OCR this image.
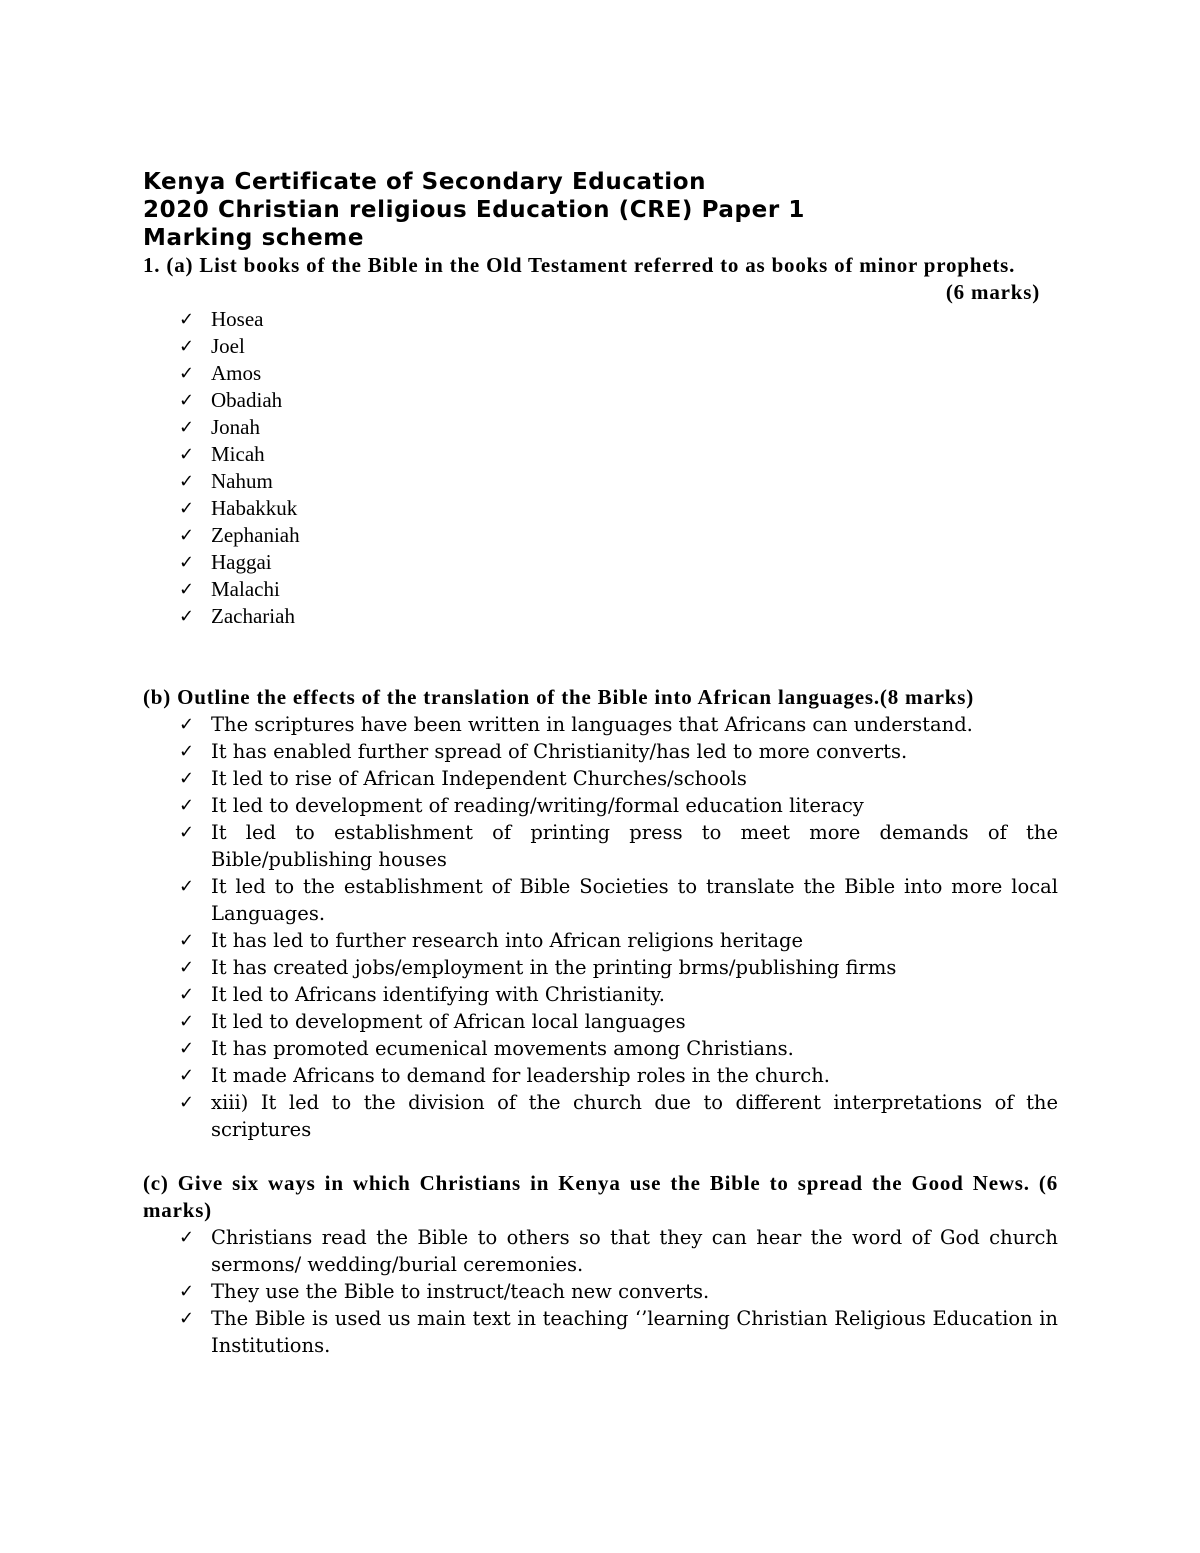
Kenya Certificate of Secondary Education
2020 Christian religious Education (CRE) Paper 1
Marking scheme
1. (a) List books of the Bible in the Old Testament referred to as books of minor prophets.
(6 marks)
✓ Hosea
✓ Joel
✓ Amos
✓ Obadiah
✓ Jonah
✓ Micah
✓ Nahum
✓ Habakkuk
✓ Zephaniah
✓ Haggai
✓ Malachi
✓ Zachariah
(b) Outline the effects of the translation of the Bible into African languages.(8 marks)
✓ The scriptures have been written in languages that Africans can understand.
✓ It has enabled further spread of Christianity/has led to more converts.
✓ It led to rise of African Independent Churches/schools
✓ It led to development of reading/writing/formal education literacy
✓ It led to establishment of printing press to meet more demands of the Bible/publishing houses
✓ It led to the establishment of Bible Societies to translate the Bible into more local Languages.
✓ It has led to further research into African religions heritage
✓ It has created jobs/employment in the printing brms/publishing firms
✓ It led to Africans identifying with Christianity.
✓ It led to development of African local languages
✓ It has promoted ecumenical movements among Christians.
✓ It made Africans to demand for leadership roles in the church.
✓ xiii) It led to the division of the church due to different interpretations of the scriptures
(c) Give six ways in which Christians in Kenya use the Bible to spread the Good News. (6 marks)
✓ Christians read the Bible to others so that they can hear the word of God church sermons/ wedding/burial ceremonies.
✓ They use the Bible to instruct/teach new converts.
✓ The Bible is used us main text in teaching ‘’learning Christian Religious Education in Institutions.
